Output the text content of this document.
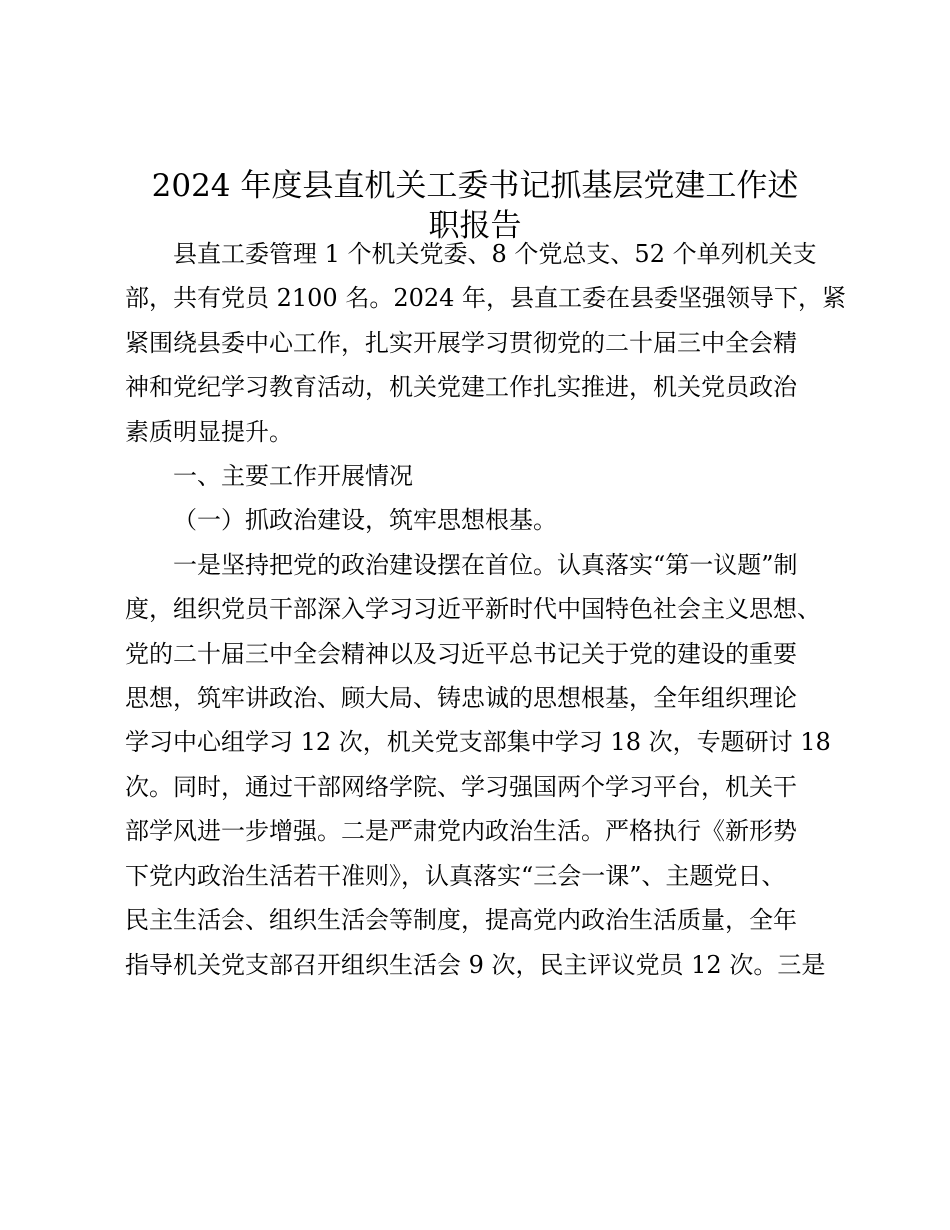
2024 年度县直机关工委书记抓基层党建工作述
职报告

县直工委管理 1 个机关党委、8 个党总支、52 个单列机关支
部，共有党员 2100 名。2024 年，县直工委在县委坚强领导下，紧
紧围绕县委中心工作，扎实开展学习贯彻党的二十届三中全会精
神和党纪学习教育活动，机关党建工作扎实推进，机关党员政治
素质明显提升。

一、主要工作开展情况

（一）抓政治建设，筑牢思想根基。

一是坚持把党的政治建设摆在首位。认真落实“第一议题”制
度，组织党员干部深入学习习近平新时代中国特色社会主义思想、
党的二十届三中全会精神以及习近平总书记关于党的建设的重要
思想，筑牢讲政治、顾大局、铸忠诚的思想根基，全年组织理论
学习中心组学习 12 次，机关党支部集中学习 18 次，专题研讨 18
次。同时，通过干部网络学院、学习强国两个学习平台，机关干
部学风进一步增强。二是严肃党内政治生活。严格执行《新形势
下党内政治生活若干准则》，认真落实“三会一课”、主题党日、
民主生活会、组织生活会等制度，提高党内政治生活质量，全年
指导机关党支部召开组织生活会 9 次，民主评议党员 12 次。三是
